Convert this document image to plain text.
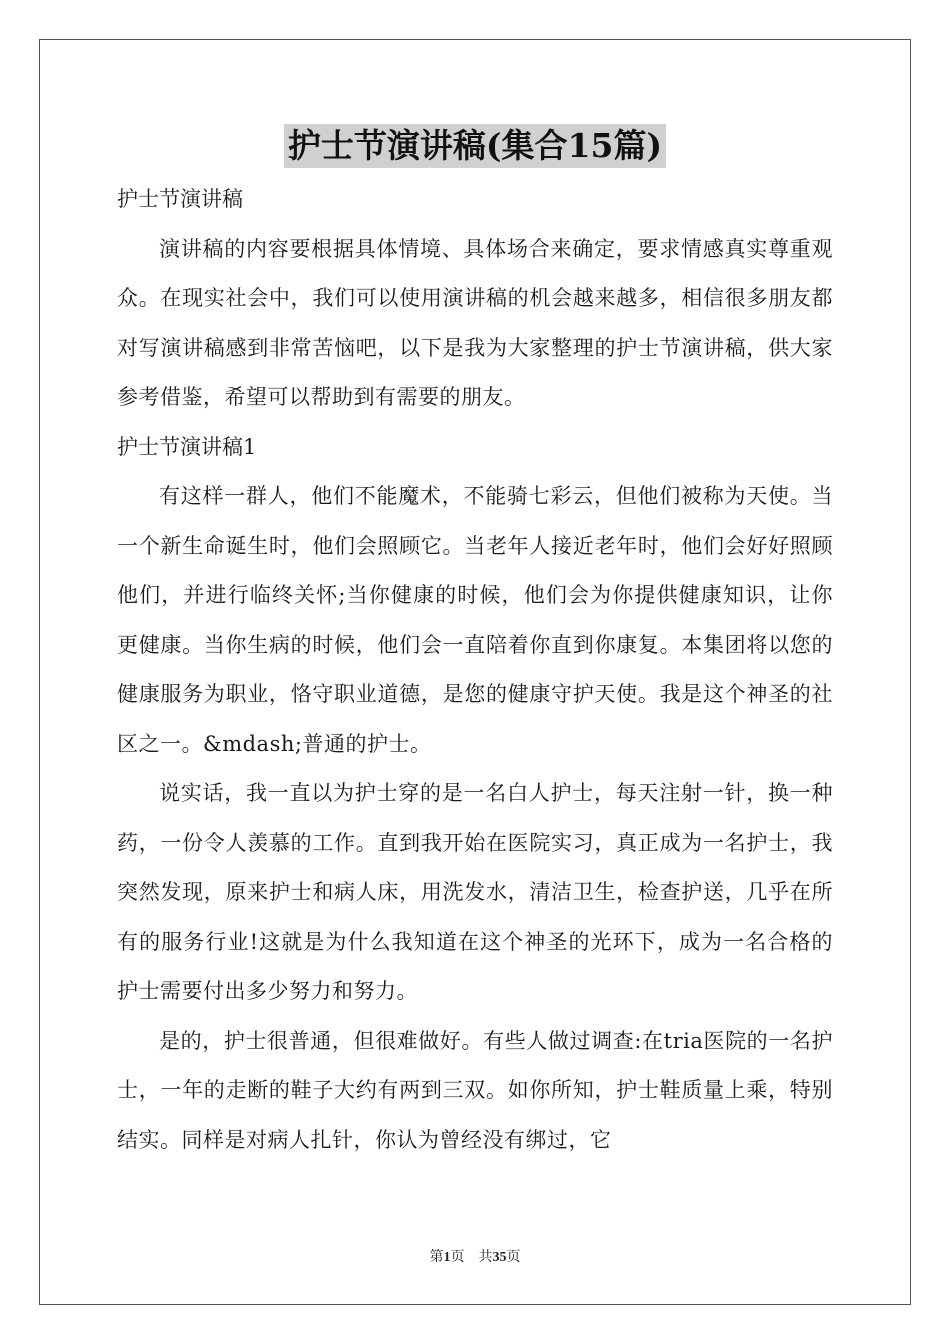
护士节演讲稿(集合15篇)

护士节演讲稿

演讲稿的内容要根据具体情境、具体场合来确定，要求情感真实尊重观众。在现实社会中，我们可以使用演讲稿的机会越来越多，相信很多朋友都对写演讲稿感到非常苦恼吧，以下是我为大家整理的护士节演讲稿，供大家参考借鉴，希望可以帮助到有需要的朋友。

护士节演讲稿1

有这样一群人，他们不能魔术，不能骑七彩云，但他们被称为天使。当一个新生命诞生时，他们会照顾它。当老年人接近老年时，他们会好好照顾他们，并进行临终关怀;当你健康的时候，他们会为你提供健康知识，让你更健康。当你生病的时候，他们会一直陪着你直到你康复。本集团将以您的健康服务为职业，恪守职业道德，是您的健康守护天使。我是这个神圣的社区之一。&mdash;普通的护士。

说实话，我一直以为护士穿的是一名白人护士，每天注射一针，换一种药，一份令人羡慕的工作。直到我开始在医院实习，真正成为一名护士，我突然发现，原来护士和病人床，用洗发水，清洁卫生，检查护送，几乎在所有的服务行业!这就是为什么我知道在这个神圣的光环下，成为一名合格的护士需要付出多少努力和努力。

是的，护士很普通，但很难做好。有些人做过调查:在tria医院的一名护士，一年的走断的鞋子大约有两到三双。如你所知，护士鞋质量上乘，特别结实。同样是对病人扎针，你认为曾经没有绑过，它

第1页 共35页
